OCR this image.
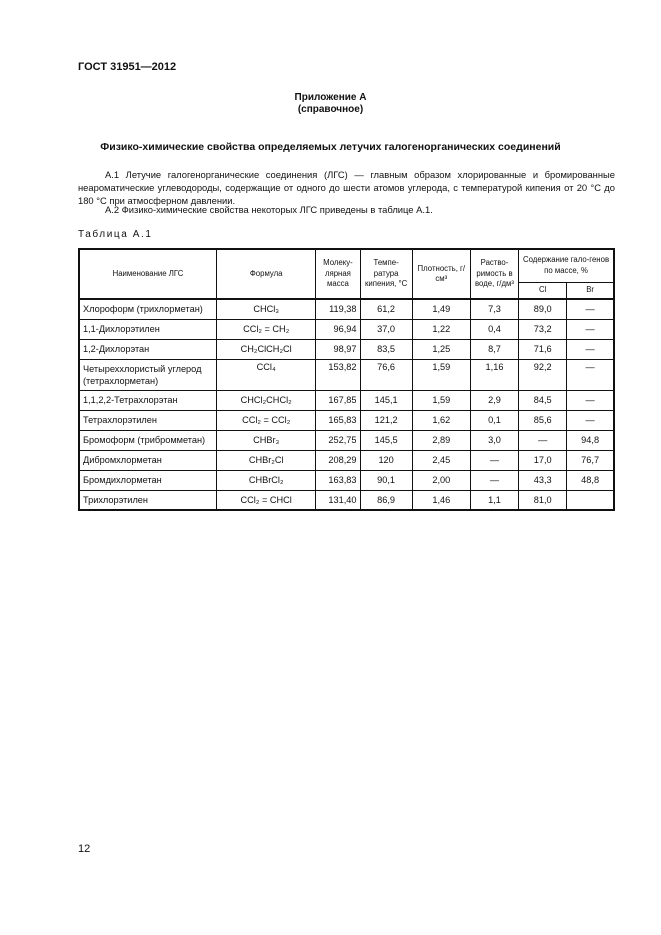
ГОСТ 31951—2012
Приложение А
(справочное)
Физико-химические свойства определяемых летучих галогенорганических соединений
А.1 Летучие галогенорганические соединения (ЛГС) — главным образом хлорированные и бромированные неароматические углеводороды, содержащие от одного до шести атомов углерода, с температурой кипения от 20 °С до 180 °С при атмосферном давлении.
А.2 Физико-химические свойства некоторых ЛГС приведены в таблице А.1.
Таблица А.1
Наименование ЛГС	Формула	Молеку-лярная масса	Темпе-ратура кипения, °С	Плотность, г/см³	Раство-римость в воде, г/дм³	Содержание гало-генов по массе, %	
						Cl	Br
Хлороформ (трихлорметан)	CHCl₃	119,38	61,2	1,49	7,3	89,0	—
1,1-Дихлорэтилен	CCl₂ = CH₂	96,94	37,0	1,22	0,4	73,2	—
1,2-Дихлорэтан	CH₂ClCH₂Cl	98,97	83,5	1,25	8,7	71,6	—
Четыреххлористый углерод (тетрахлорметан)	CCl₄	153,82	76,6	1,59	1,16	92,2	—
1,1,2,2-Тетрахлорэтан	CHCl₂CHCl₂	167,85	145,1	1,59	2,9	84,5	—
Тетрахлорэтилен	CCl₂ = CCl₂	165,83	121,2	1,62	0,1	85,6	—
Бромоформ (трибромметан)	CHBr₃	252,75	145,5	2,89	3,0	—	94,8
Дибромхлорметан	CHBr₂Cl	208,29	120	2,45	—	17,0	76,7
Бромдихлорметан	CHBrCl₂	163,83	90,1	2,00	—	43,3	48,8
Трихлорэтилен	CCl₂ = CHCl	131,40	86,9	1,46	1,1	81,0	
12
